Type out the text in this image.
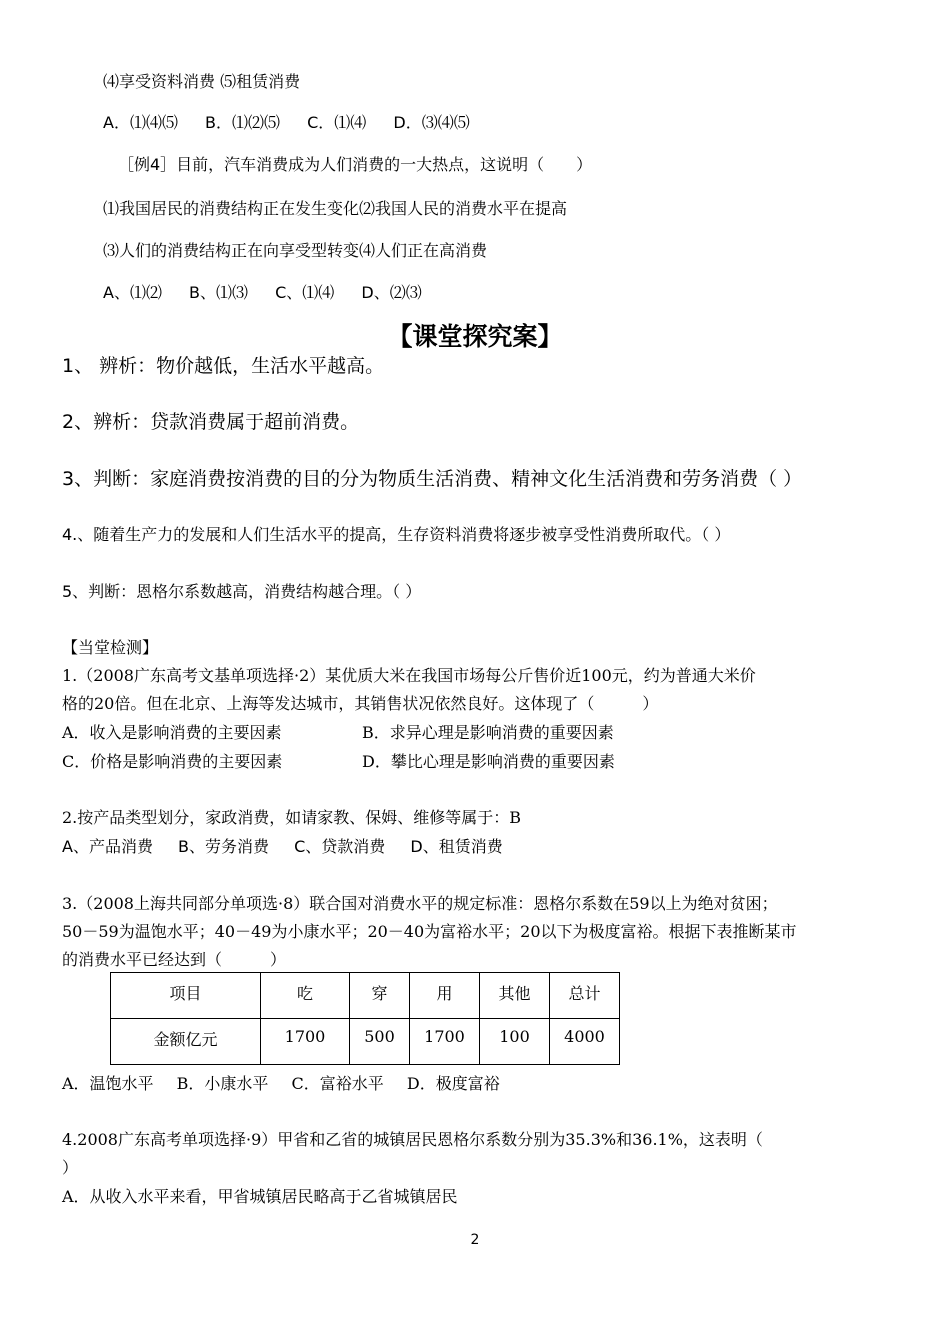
⑷享受资料消费 ⑸租赁消费
A．⑴⑷⑸ B．⑴⑵⑸ C．⑴⑷ D．⑶⑷⑸
［例4］目前，汽车消费成为人们消费的一大热点，这说明（　　）
⑴我国居民的消费结构正在发生变化⑵我国人民的消费水平在提高
⑶人们的消费结构正在向享受型转变⑷人们正在高消费
A、⑴⑵ B、⑴⑶ C、⑴⑷ D、⑵⑶
【课堂探究案】
1、 辨析：物价越低，生活水平越高。
2、辨析：贷款消费属于超前消费。
3、判断：家庭消费按消费的目的分为物质生活消费、精神文化生活消费和劳务消费（ ）
4.、随着生产力的发展和人们生活水平的提高，生存资料消费将逐步被享受性消费所取代。（ ）
5、判断：恩格尔系数越高，消费结构越合理。（ ）
【当堂检测】
1.（2008广东高考文基单项选择·2）某优质大米在我国市场每公斤售价近100元，约为普通大米价
格的20倍。但在北京、上海等发达城市，其销售状况依然良好。这体现了（　　　）
A．收入是影响消费的主要因素	B．求异心理是影响消费的重要因素
C．价格是影响消费的主要因素	D．攀比心理是影响消费的重要因素
2.按产品类型划分，家政消费，如请家教、保姆、维修等属于：B
A、产品消费 B、劳务消费 C、贷款消费 D、租赁消费
3.（2008上海共同部分单项选·8）联合国对消费水平的规定标准：恩格尔系数在59以上为绝对贫困；
50－59为温饱水平；40－49为小康水平；20－40为富裕水平；20以下为极度富裕。根据下表推断某市
的消费水平已经达到（　　　）
项目	吃	穿	用	其他	总计
金额亿元	1700	500	1700	100	4000
A．温饱水平 B．小康水平 C．富裕水平 D．极度富裕
4.2008广东高考单项选择·9）甲省和乙省的城镇居民恩格尔系数分别为35.3%和36.1%，这表明（
）
A．从收入水平来看，甲省城镇居民略高于乙省城镇居民
2
